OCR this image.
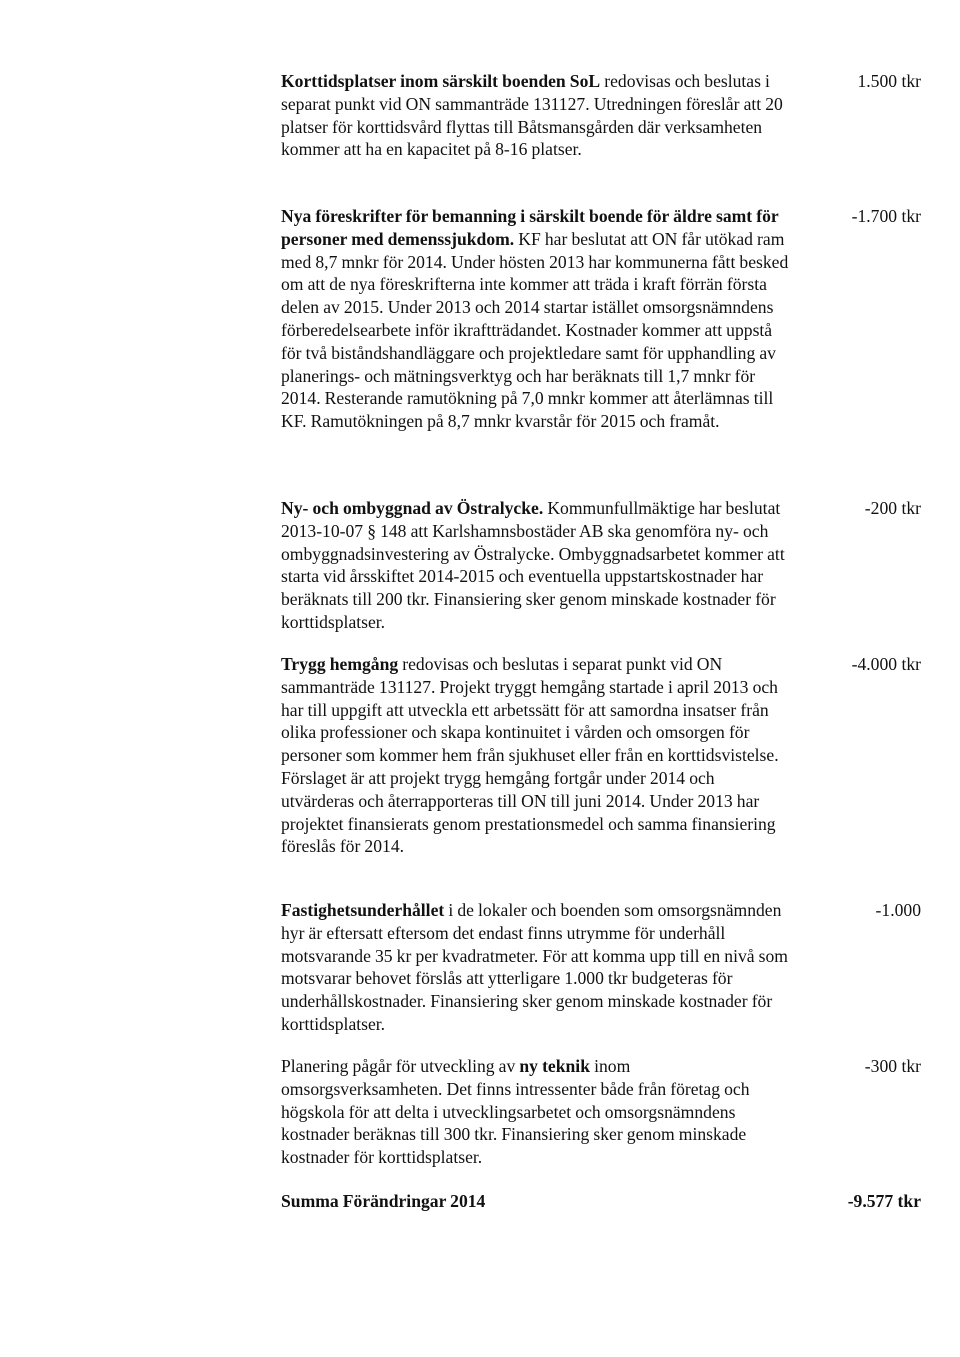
Korttidsplatser inom särskilt boenden SoL redovisas och beslutas i separat punkt vid ON sammanträde 131127. Utredningen föreslår att 20 platser för korttidsvård flyttas till Båtsmansgården där verksamheten kommer att ha en kapacitet på 8-16 platser.
1.500 tkr
Nya föreskrifter för bemanning i särskilt boende för äldre samt för personer med demenssjukdom. KF har beslutat att ON får utökad ram med 8,7 mnkr för 2014. Under hösten 2013 har kommunerna fått besked om att de nya föreskrifterna inte kommer att träda i kraft förrän första delen av 2015. Under 2013 och 2014 startar istället omsorgsnämndens förberedelsearbete inför ikraftträdandet. Kostnader kommer att uppstå för två biståndshandläggare och projektledare samt för upphandling av planerings- och mätningsverktyg och har beräknats till 1,7 mnkr för 2014. Resterande ramutökning på 7,0 mnkr kommer att återlämnas till KF. Ramutökningen på 8,7 mnkr kvarstår för 2015 och framåt.
-1.700 tkr
Ny- och ombyggnad av Östralycke. Kommunfullmäktige har beslutat 2013-10-07 § 148 att Karlshamnsbostäder AB ska genomföra ny- och ombyggnadsinvestering av Östralycke. Ombyggnadsarbetet kommer att starta vid årsskiftet 2014-2015 och eventuella uppstartskostnader har beräknats till 200 tkr. Finansiering sker genom minskade kostnader för korttidsplatser.
-200 tkr
Trygg hemgång redovisas och beslutas i separat punkt vid ON sammanträde 131127. Projekt tryggt hemgång startade i april 2013 och har till uppgift att utveckla ett arbetssätt för att samordna insatser från olika professioner och skapa kontinuitet i vården och omsorgen för personer som kommer hem från sjukhuset eller från en korttidsvistelse. Förslaget är att projekt trygg hemgång fortgår under 2014 och utvärderas och återrapporteras till ON till juni 2014. Under 2013 har projektet finansierats genom prestationsmedel och samma finansiering föreslås för 2014.
-4.000 tkr
Fastighetsunderhållet i de lokaler och boenden som omsorgsnämnden hyr är eftersatt eftersom det endast finns utrymme för underhåll motsvarande 35 kr per kvadratmeter. För att komma upp till en nivå som motsvarar behovet förslås att ytterligare 1.000 tkr budgeteras för underhållskostnader. Finansiering sker genom minskade kostnader för korttidsplatser.
-1.000
Planering pågår för utveckling av ny teknik inom omsorgsverksamheten. Det finns intressenter både från företag och högskola för att delta i utvecklingsarbetet och omsorgsnämndens kostnader beräknas till 300 tkr. Finansiering sker genom minskade kostnader för korttidsplatser.
-300 tkr
Summa Förändringar 2014	-9.577 tkr
